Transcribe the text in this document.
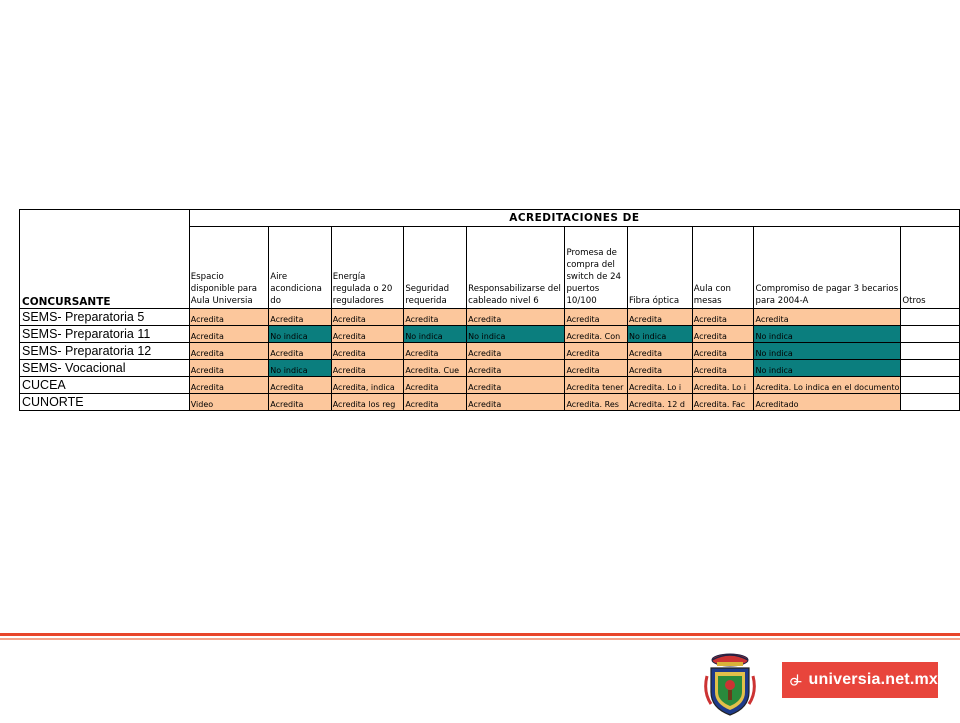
CONCURSANTE	ACREDITACIONES DE									
	Espacio disponible para Aula Universia	Aire acondiciona do	Energía regulada o 20 reguladores	Seguridad requerida	Responsabilizarse del cableado nivel 6	Promesa de compra del switch de 24 puertos 10/100	Fibra óptica	Aula con mesas	Compromiso de pagar 3 becarios para 2004-A	Otros
SEMS- Preparatoria 5	Acredita	Acredita	Acredita	Acredita	Acredita	Acredita	Acredita	Acredita	Acredita	
SEMS- Preparatoria 11	Acredita	No indica	Acredita	No indica	No indica	Acredita. Con	No indica	Acredita	No indica	
SEMS- Preparatoria 12	Acredita	Acredita	Acredita	Acredita	Acredita	Acredita	Acredita	Acredita	No indica	
SEMS- Vocacional	Acredita	No indica	Acredita	Acredita. Cue	Acredita	Acredita	Acredita	Acredita	No indica	
CUCEA	Acredita	Acredita	Acredita, indica	Acredita	Acredita	Acredita tener	Acredita. Lo i	Acredita. Lo i	Acredita. Lo indica en el documento	
CUNORTE	Video	Acredita	Acredita los reg	Acredita	Acredita	Acredita. Res	Acredita. 12 d	Acredita. Fac	Acreditado	
universia.net.mx
